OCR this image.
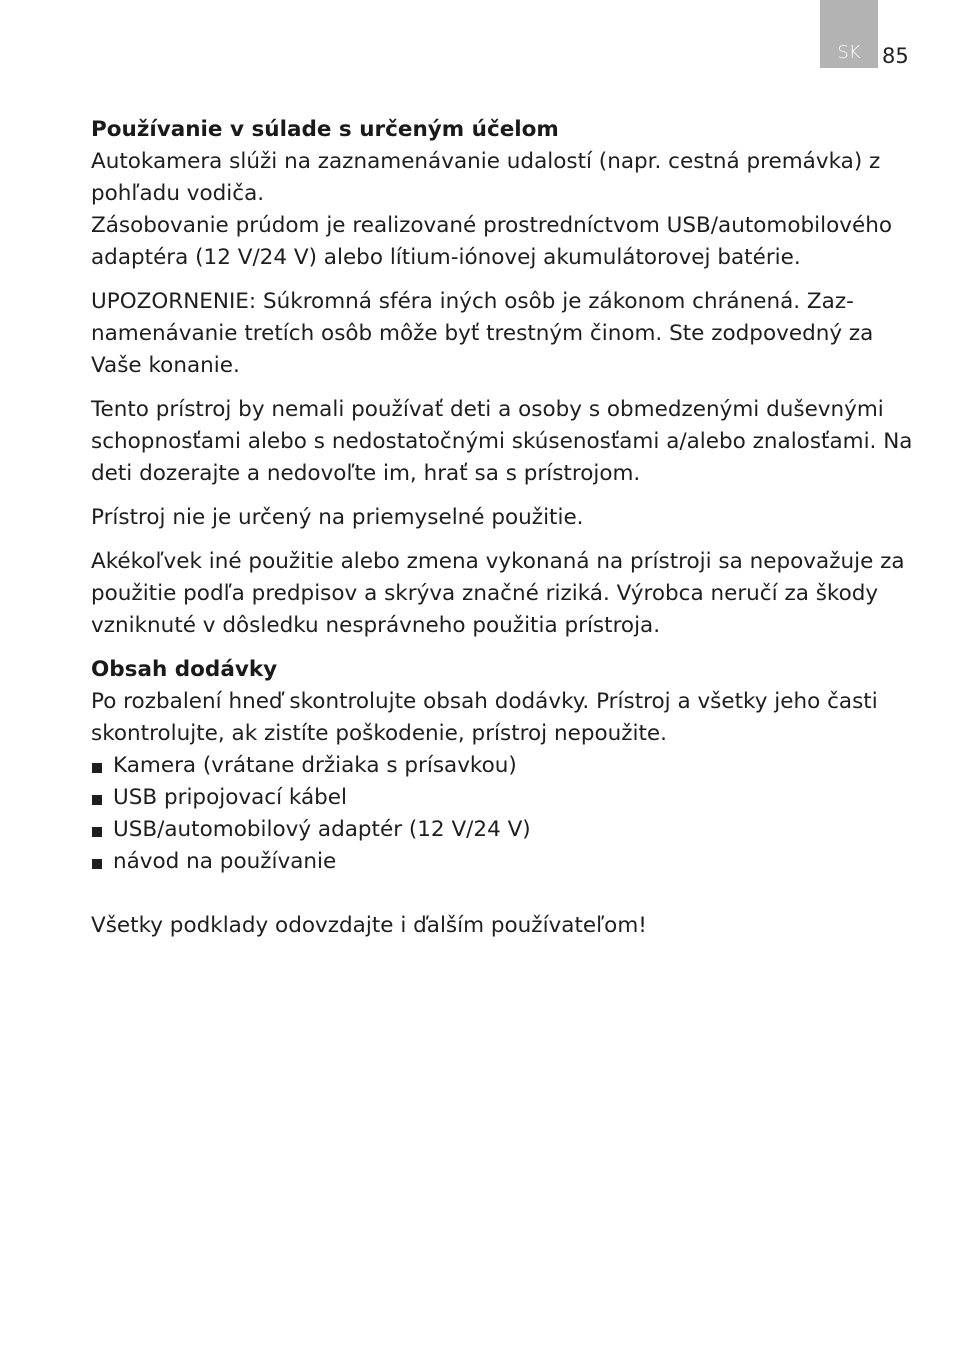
SK	85
Používanie v súlade s určeným účelom

Autokamera slúži na zaznamenávanie udalostí (napr. cestná premávka) z pohľadu vodiča.

Zásobovanie prúdom je realizované prostredníctvom USB/automobilového adaptéra (12 V/24 V) alebo lítium-iónovej akumulátorovej batérie.

UPOZORNENIE: Súkromná sféra iných osôb je zákonom chránená. Zaznamenávanie tretích osôb môže byť trestným činom. Ste zodpovedný za Vaše konanie.

Tento prístroj by nemali používať deti a osoby s obmedzenými duševnými schopnosťami alebo s nedostatočnými skúsenosťami a/alebo znalosťami. Na deti dozerajte a nedovoľte im, hrať sa s prístrojom.

Prístroj nie je určený na priemyselné použitie.

Akékoľvek iné použitie alebo zmena vykonaná na prístroji sa nepovažuje za použitie podľa predpisov a skrýva značné riziká. Výrobca neručí za škody vzniknuté v dôsledku nesprávneho použitia prístroja.

Obsah dodávky

Po rozbalení hneď skontrolujte obsah dodávky. Prístroj a všetky jeho časti skontrolujte, ak zistíte poškodenie, prístroj nepoužite.

Kamera (vrátane držiaka s prísavkou)
USB pripojovací kábel
USB/automobilový adaptér (12 V/24 V)
návod na používanie

Všetky podklady odovzdajte i ďalším používateľom!
